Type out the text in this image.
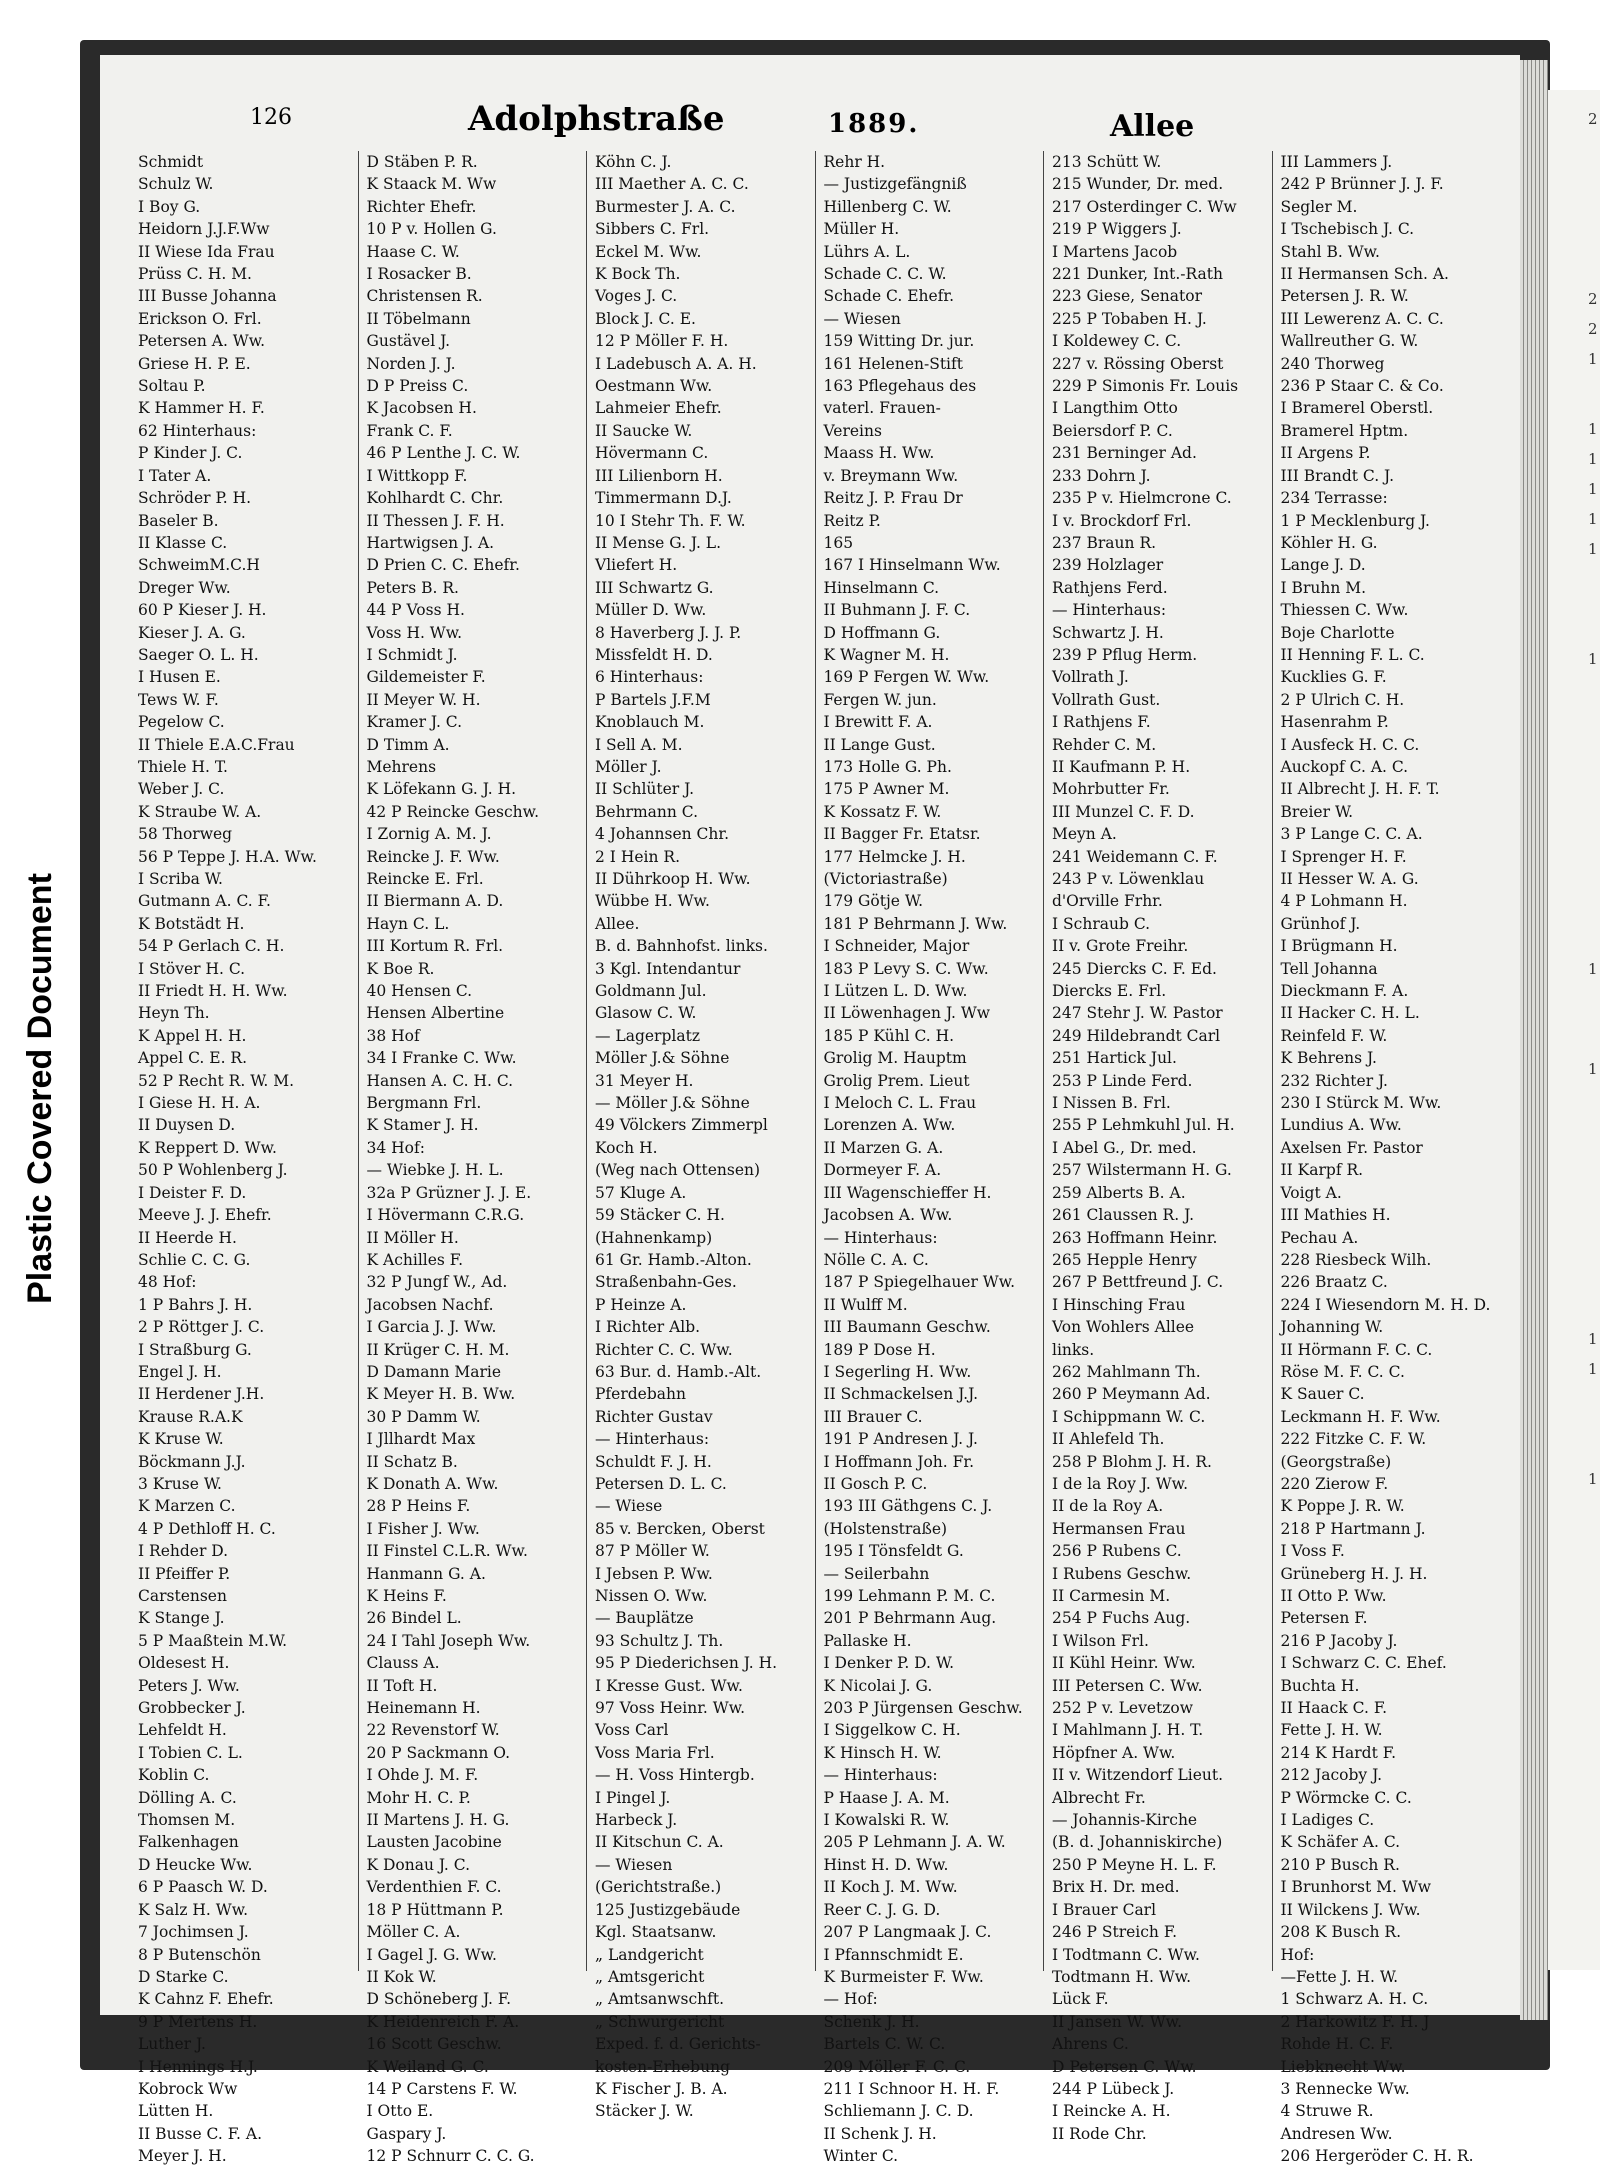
Plastic Covered Document
126	Adolphstraße	1889.	Allee
Schmidt
Schulz W.
I Boy G.
Heidorn J.J.F.Ww
II Wiese Ida Frau
Prüss C. H. M.
III Busse Johanna
Erickson O. Frl.
Petersen A. Ww.
Griese H. P. E.
Soltau P.
K Hammer H. F.
62 Hinterhaus:
P Kinder J. C.
I Tater A.
Schröder P. H.
Baseler B.
II Klasse C.
SchweimM.C.H
Dreger Ww.
60 P Kieser J. H.
Kieser J. A. G.
Saeger O. L. H.
I Husen E.
Tews W. F.
Pegelow C.
II Thiele E.A.C.Frau
Thiele H. T.
Weber J. C.
K Straube W. A.
58 Thorweg
56 P Teppe J. H.A. Ww.
I Scriba W.
Gutmann A. C. F.
K Botstädt H.
54 P Gerlach C. H.
I Stöver H. C.
II Friedt H. H. Ww.
Heyn Th.
K Appel H. H.
Appel C. E. R.
52 P Recht R. W. M.
I Giese H. H. A.
II Duysen D.
K Reppert D. Ww.
50 P Wohlenberg J.
I Deister F. D.
Meeve J. J. Ehefr.
II Heerde H.
Schlie C. C. G.
48 Hof:
1 P Bahrs J. H.
2 P Röttger J. C.
I Straßburg G.
Engel J. H.
II Herdener J.H.
Krause R.A.K
K Kruse W.
Böckmann J.J.
3 Kruse W.
K Marzen C.
4 P Dethloff H. C.
I Rehder D.
II Pfeiffer P.
Carstensen
K Stange J.
5 P Maaßtein M.W.
Oldesest H.
Peters J. Ww.
Grobbecker J.
Lehfeldt H.
I Tobien C. L.
Koblin C.
Dölling A. C.
Thomsen M.
Falkenhagen
D Heucke Ww.
6 P Paasch W. D.
K Salz H. Ww.
7 Jochimsen J.
8 P Butenschön
D Starke C.
K Cahnz F. Ehefr.
9 P Mertens H.
Luther J.
I Hennings H.J.
Kobrock Ww
Lütten H.
II Busse C. F. A.
Meyer J. H.
D Stäben P. R.
K Staack M. Ww
Richter Ehefr.
10 P v. Hollen G.
Haase C. W.
I Rosacker B.
Christensen R.
II Töbelmann
Gustävel J.
Norden J. J.
D P Preiss C.
K Jacobsen H.
Frank C. F.
46 P Lenthe J. C. W.
I Wittkopp F.
Kohlhardt C. Chr.
II Thessen J. F. H.
Hartwigsen J. A.
D Prien C. C. Ehefr.
Peters B. R.
44 P Voss H.
Voss H. Ww.
I Schmidt J.
Gildemeister F.
II Meyer W. H.
Kramer J. C.
D Timm A.
Mehrens
K Löfekann G. J. H.
42 P Reincke Geschw.
I Zornig A. M. J.
Reincke J. F. Ww.
Reincke E. Frl.
II Biermann A. D.
Hayn C. L.
III Kortum R. Frl.
K Boe R.
40 Hensen C.
Hensen Albertine
38 Hof
34 I Franke C. Ww.
Hansen A. C. H. C.
Bergmann Frl.
K Stamer J. H.
34 Hof:
— Wiebke J. H. L.
32a P Grüzner J. J. E.
I Hövermann C.R.G.
II Möller H.
K Achilles F.
32 P Jungf W., Ad.
Jacobsen Nachf.
I Garcia J. J. Ww.
II Krüger C. H. M.
D Damann Marie
K Meyer H. B. Ww.
30 P Damm W.
I Jllhardt Max
II Schatz B.
K Donath A. Ww.
28 P Heins F.
I Fisher J. Ww.
II Finstel C.L.R. Ww.
Hanmann G. A.
K Heins F.
26 Bindel L.
24 I Tahl Joseph Ww.
Clauss A.
II Toft H.
Heinemann H.
22 Revenstorf W.
20 P Sackmann O.
I Ohde J. M. F.
Mohr H. C. P.
II Martens J. H. G.
Lausten Jacobine
K Donau J. C.
Verdenthien F. C.
18 P Hüttmann P.
Möller C. A.
I Gagel J. G. Ww.
II Kok W.
D Schöneberg J. F.
K Heidenreich F. A.
16 Scott Geschw.
K Weiland G. C.
14 P Carstens F. W.
I Otto E.
Gaspary J.
12 P Schnurr C. C. G.
Köhn C. J.
III Maether A. C. C.
Burmester J. A. C.
Sibbers C. Frl.
Eckel M. Ww.
K Bock Th.
Voges J. C.
Block J. C. E.
12 P Möller F. H.
I Ladebusch A. A. H.
Oestmann Ww.
Lahmeier Ehefr.
II Saucke W.
Hövermann C.
III Lilienborn H.
Timmermann D.J.
10 I Stehr Th. F. W.
II Mense G. J. L.
Vliefert H.
III Schwartz G.
Müller D. Ww.
8 Haverberg J. J. P.
Missfeldt H. D.
6 Hinterhaus:
P Bartels J.F.M
Knoblauch M.
I Sell A. M.
Möller J.
II Schlüter J.
Behrmann C.
4 Johannsen Chr.
2 I Hein R.
II Dührkoop H. Ww.
Wübbe H. Ww.
Allee.
B. d. Bahnhofst. links.
3 Kgl. Intendantur
Goldmann Jul.
Glasow C. W.
— Lagerplatz
Möller J.& Söhne
31 Meyer H.
— Möller J.& Söhne
49 Völckers Zimmerpl
Koch H.
(Weg nach Ottensen)
57 Kluge A.
59 Stäcker C. H.
(Hahnenkamp)
61 Gr. Hamb.-Alton.
Straßenbahn-Ges.
P Heinze A.
I Richter Alb.
Richter C. C. Ww.
63 Bur. d. Hamb.-Alt.
Pferdebahn
Richter Gustav
— Hinterhaus:
Schuldt F. J. H.
Petersen D. L. C.
— Wiese
85 v. Bercken, Oberst
87 P Möller W.
I Jebsen P. Ww.
Nissen O. Ww.
— Bauplätze
93 Schultz J. Th.
95 P Diederichsen J. H.
I Kresse Gust. Ww.
97 Voss Heinr. Ww.
Voss Carl
Voss Maria Frl.
— H. Voss Hintergb.
I Pingel J.
Harbeck J.
II Kitschun C. A.
— Wiesen
(Gerichtstraße.)
125 Justizgebäude
Kgl. Staatsanw.
„ Landgericht
„ Amtsgericht
„ Amtsanwschft.
„ Schwurgericht
Exped. f. d. Gerichts-
kosten-Erhebung
K Fischer J. B. A.
Stäcker J. W.
Rehr H.
— Justizgefängniß
Hillenberg C. W.
Müller H.
Lührs A. L.
Schade C. C. W.
Schade C. Ehefr.
— Wiesen
159 Witting Dr. jur.
161 Helenen-Stift
163 Pflegehaus des
vaterl. Frauen-
Vereins
Maass H. Ww.
v. Breymann Ww.
Reitz J. P. Frau Dr
Reitz P.
165
167 I Hinselmann Ww.
Hinselmann C.
II Buhmann J. F. C.
D Hoffmann G.
K Wagner M. H.
169 P Fergen W. Ww.
Fergen W. jun.
I Brewitt F. A.
II Lange Gust.
173 Holle G. Ph.
175 P Awner M.
K Kossatz F. W.
II Bagger Fr. Etatsr.
177 Helmcke J. H.
(Victoriastraße)
179 Götje W.
181 P Behrmann J. Ww.
I Schneider, Major
183 P Levy S. C. Ww.
I Lützen L. D. Ww.
II Löwenhagen J. Ww
185 P Kühl C. H.
Grolig M. Hauptm
Grolig Prem. Lieut
I Meloch C. L. Frau
Lorenzen A. Ww.
II Marzen G. A.
Dormeyer F. A.
III Wagenschieffer H.
Jacobsen A. Ww.
— Hinterhaus:
Nölle C. A. C.
187 P Spiegelhauer Ww.
II Wulff M.
III Baumann Geschw.
189 P Dose H.
I Segerling H. Ww.
II Schmackelsen J.J.
III Brauer C.
191 P Andresen J. J.
I Hoffmann Joh. Fr.
II Gosch P. C.
193 III Gäthgens C. J.
(Holstenstraße)
195 I Tönsfeldt G.
— Seilerbahn
199 Lehmann P. M. C.
201 P Behrmann Aug.
Pallaske H.
I Denker P. D. W.
K Nicolai J. G.
203 P Jürgensen Geschw.
I Siggelkow C. H.
K Hinsch H. W.
— Hinterhaus:
P Haase J. A. M.
I Kowalski R. W.
205 P Lehmann J. A. W.
Hinst H. D. Ww.
II Koch J. M. Ww.
Reer C. J. G. D.
207 P Langmaak J. C.
I Pfannschmidt E.
K Burmeister F. Ww.
— Hof:
Schenk J. H.
Bartels C. W. C.
209 Möller F. C. C.
211 I Schnoor H. H. F.
Schliemann J. C. D.
II Schenk J. H.
Winter C.
213 Schütt W.
215 Wunder, Dr. med.
217 Osterdinger C. Ww
219 P Wiggers J.
I Martens Jacob
221 Dunker, Int.-Rath
223 Giese, Senator
225 P Tobaben H. J.
I Koldewey C. C.
227 v. Rössing Oberst
229 P Simonis Fr. Louis
I Langthim Otto
Beiersdorf P. C.
231 Berninger Ad.
233 Dohrn J.
235 P v. Hielmcrone C.
I v. Brockdorf Frl.
237 Braun R.
239 Holzlager
Rathjens Ferd.
— Hinterhaus:
Schwartz J. H.
239 P Pflug Herm.
Vollrath J.
Vollrath Gust.
I Rathjens F.
Rehder C. M.
II Kaufmann P. H.
Mohrbutter Fr.
III Munzel C. F. D.
Meyn A.
241 Weidemann C. F.
243 P v. Löwenklau
d'Orville Frhr.
I Schraub C.
II v. Grote Freihr.
245 Diercks C. F. Ed.
Diercks E. Frl.
247 Stehr J. W. Pastor
249 Hildebrandt Carl
251 Hartick Jul.
253 P Linde Ferd.
I Nissen B. Frl.
255 P Lehmkuhl Jul. H.
I Abel G., Dr. med.
257 Wilstermann H. G.
259 Alberts B. A.
261 Claussen R. J.
263 Hoffmann Heinr.
265 Hepple Henry
267 P Bettfreund J. C.
I Hinsching Frau
Von Wohlers Allee
links.
262 Mahlmann Th.
260 P Meymann Ad.
I Schippmann W. C.
II Ahlefeld Th.
258 P Blohm J. H. R.
I de la Roy J. Ww.
II de la Roy A.
Hermansen Frau
256 P Rubens C.
I Rubens Geschw.
II Carmesin M.
254 P Fuchs Aug.
I Wilson Frl.
II Kühl Heinr. Ww.
III Petersen C. Ww.
252 P v. Levetzow
I Mahlmann J. H. T.
Höpfner A. Ww.
II v. Witzendorf Lieut.
Albrecht Fr.
— Johannis-Kirche
(B. d. Johanniskirche)
250 P Meyne H. L. F.
Brix H. Dr. med.
I Brauer Carl
246 P Streich F.
I Todtmann C. Ww.
Todtmann H. Ww.
Lück F.
II Jansen W. Ww.
Ahrens C.
D Petersen C. Ww.
244 P Lübeck J.
I Reincke A. H.
II Rode Chr.
III Lammers J.
242 P Brünner J. J. F.
Segler M.
I Tschebisch J. C.
Stahl B. Ww.
II Hermansen Sch. A.
Petersen J. R. W.
III Lewerenz A. C. C.
Wallreuther G. W.
240 Thorweg
236 P Staar C. & Co.
I Bramerel Oberstl.
Bramerel Hptm.
II Argens P.
III Brandt C. J.
234 Terrasse:
1 P Mecklenburg J.
Köhler H. G.
Lange J. D.
I Bruhn M.
Thiessen C. Ww.
Boje Charlotte
II Henning F. L. C.
Kucklies G. F.
2 P Ulrich C. H.
Hasenrahm P.
I Ausfeck H. C. C.
Auckopf C. A. C.
II Albrecht J. H. F. T.
Breier W.
3 P Lange C. C. A.
I Sprenger H. F.
II Hesser W. A. G.
4 P Lohmann H.
Grünhof J.
I Brügmann H.
Tell Johanna
Dieckmann F. A.
II Hacker C. H. L.
Reinfeld F. W.
K Behrens J.
232 Richter J.
230 I Stürck M. Ww.
Lundius A. Ww.
Axelsen Fr. Pastor
II Karpf R.
Voigt A.
III Mathies H.
Pechau A.
228 Riesbeck Wilh.
226 Braatz C.
224 I Wiesendorn M. H. D.
Johanning W.
II Hörmann F. C. C.
Röse M. F. C. C.
K Sauer C.
Leckmann H. F. Ww.
222 Fitzke C. F. W.
(Georgstraße)
220 Zierow F.
K Poppe J. R. W.
218 P Hartmann J.
I Voss F.
Grüneberg H. J. H.
II Otto P. Ww.
Petersen F.
216 P Jacoby J.
I Schwarz C. C. Ehef.
Buchta H.
II Haack C. F.
Fette J. H. W.
214 K Hardt F.
212 Jacoby J.
P Wörmcke C. C.
I Ladiges C.
K Schäfer A. C.
210 P Busch R.
I Brunhorst M. Ww
II Wilckens J. Ww.
208 K Busch R.
Hof:
—Fette J. H. W.
1 Schwarz A. H. C.
2 Harkowitz F. H. J
Rohde H. C. F.
Liebknecht Ww.
3 Rennecke Ww.
4 Struwe R.
Andresen Ww.
206 Hergeröder C. H. R.
2
2
2
1
1
1
1
1
1
1
1
1
1
1
1
